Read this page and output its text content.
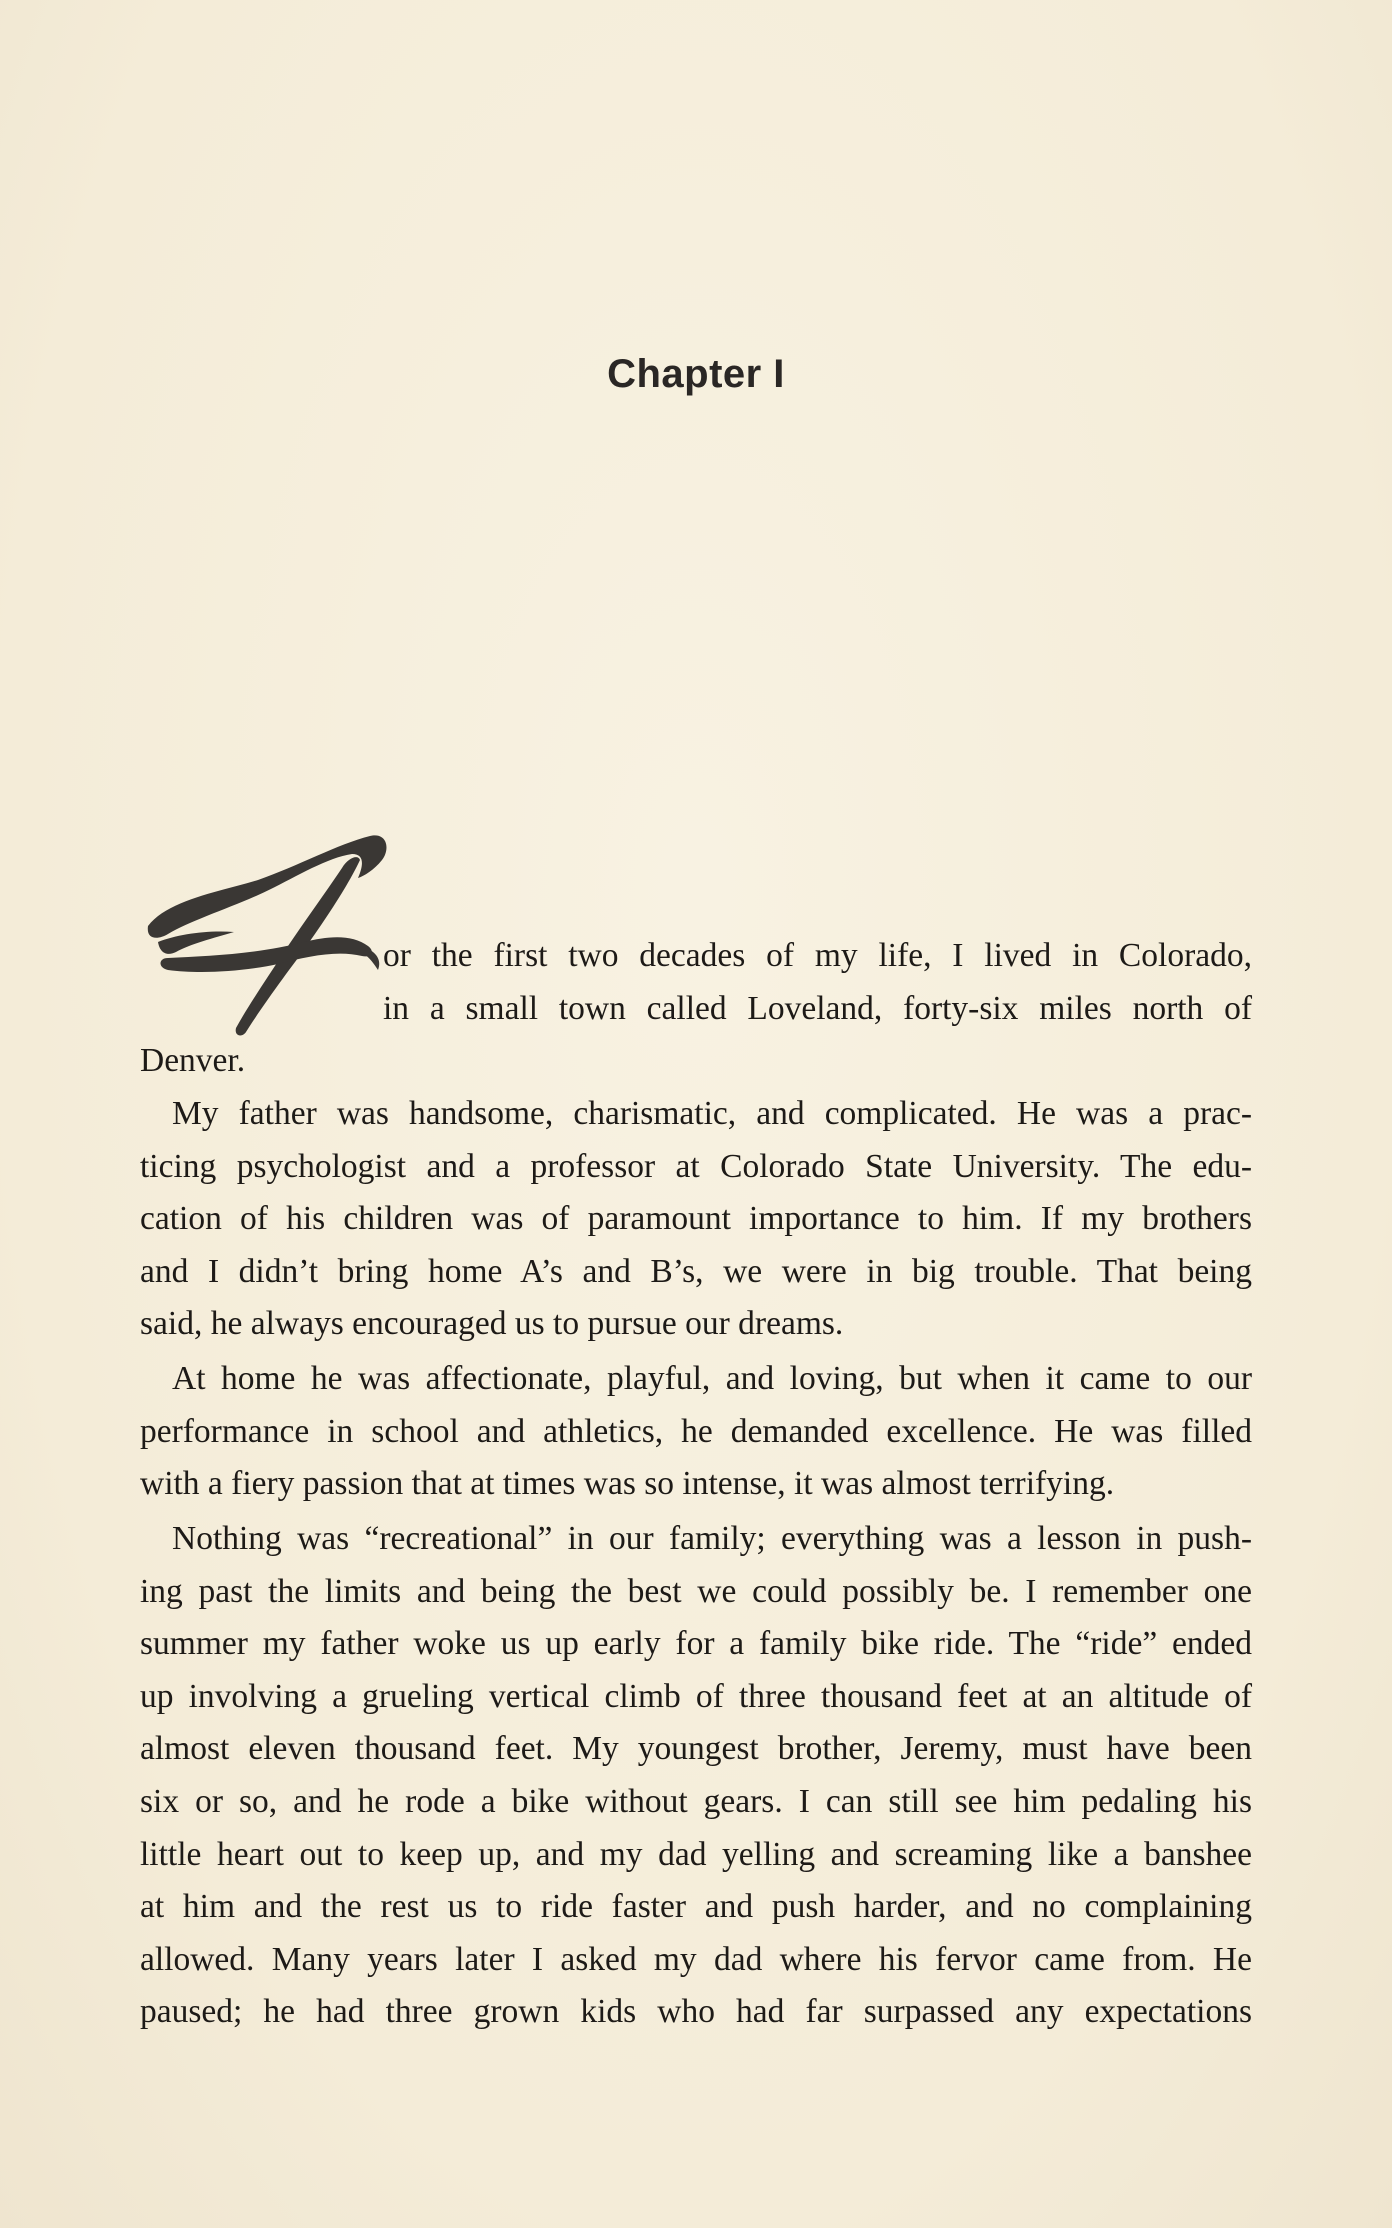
Chapter I
or the first two decades of my life, I lived in Colorado,
in a small town called Loveland, forty-six miles north of
Denver.
My father was handsome, charismatic, and complicated. He was a prac-
ticing psychologist and a professor at Colorado State University. The edu-
cation of his children was of paramount importance to him. If my brothers
and I didn’t bring home A’s and B’s, we were in big trouble. That being
said, he always encouraged us to pursue our dreams.
At home he was affectionate, playful, and loving, but when it came to our
performance in school and athletics, he demanded excellence. He was filled
with a fiery passion that at times was so intense, it was almost terrifying.
Nothing was “recreational” in our family; everything was a lesson in push-
ing past the limits and being the best we could possibly be. I remember one
summer my father woke us up early for a family bike ride. The “ride” ended
up involving a grueling vertical climb of three thousand feet at an altitude of
almost eleven thousand feet. My youngest brother, Jeremy, must have been
six or so, and he rode a bike without gears. I can still see him pedaling his
little heart out to keep up, and my dad yelling and screaming like a banshee
at him and the rest us to ride faster and push harder, and no complaining
allowed. Many years later I asked my dad where his fervor came from. He
paused; he had three grown kids who had far surpassed any expectations
